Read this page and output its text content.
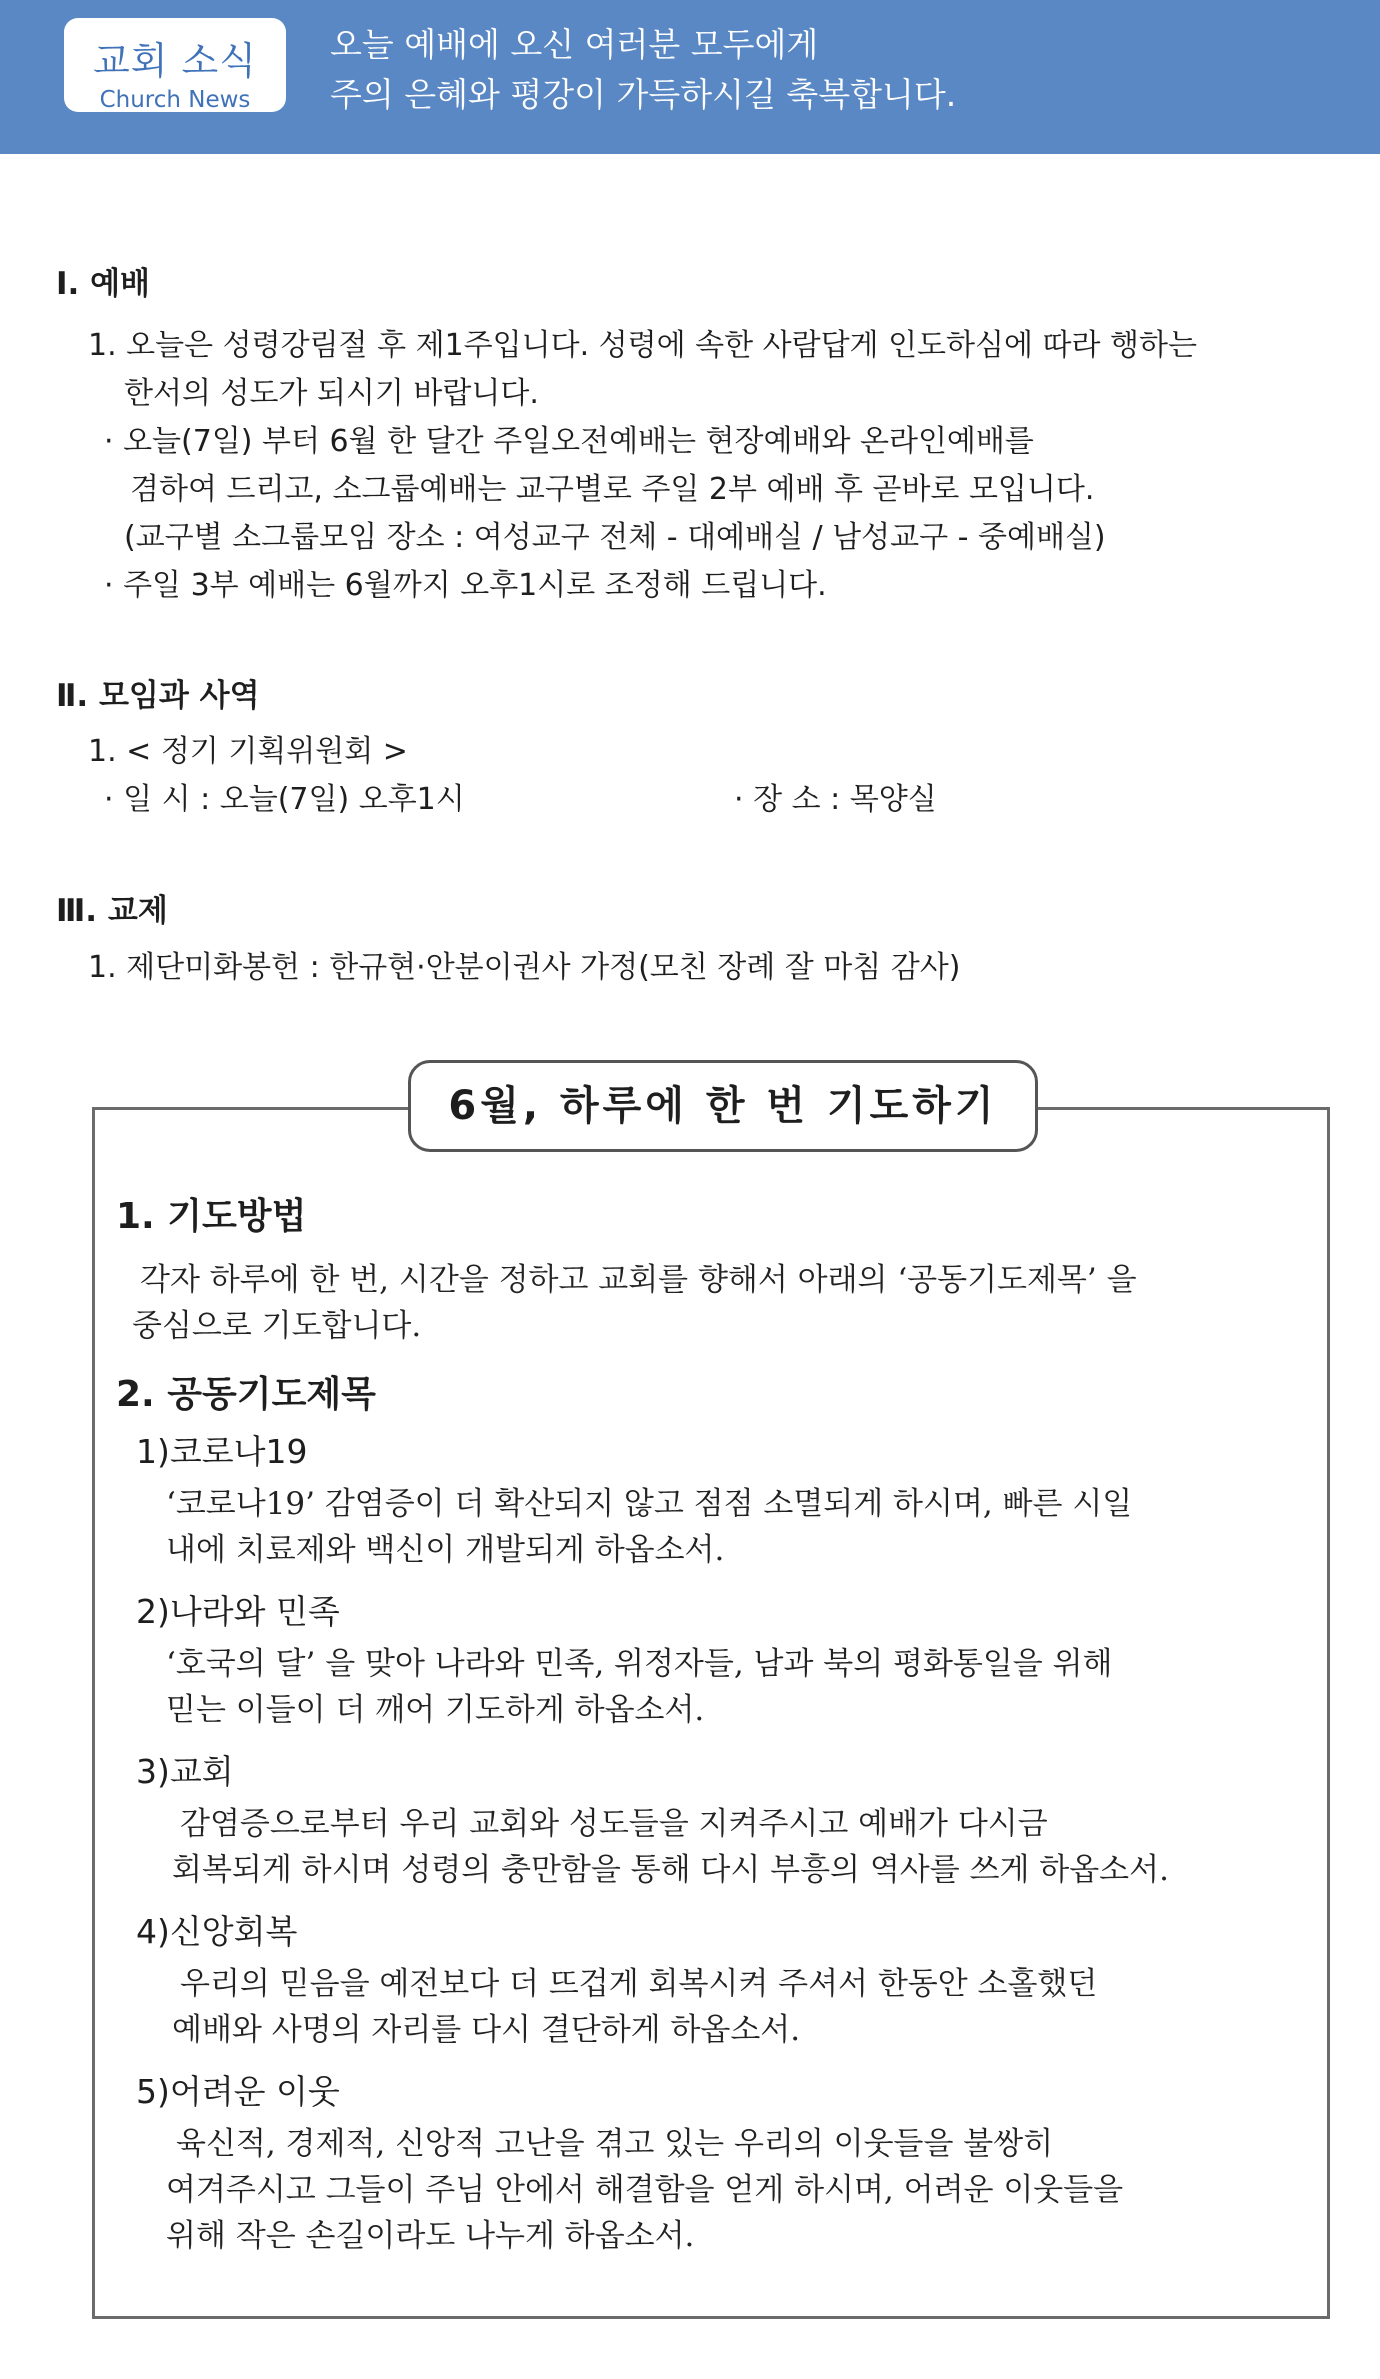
교회 소식
Church News
오늘 예배에 오신 여러분 모두에게
주의 은혜와 평강이 가득하시길 축복합니다.
Ⅰ. 예배
1. 오늘은 성령강림절 후 제1주입니다. 성령에 속한 사람답게 인도하심에 따라 행하는
한서의 성도가 되시기 바랍니다.
· 오늘(7일) 부터 6월 한 달간 주일오전예배는 현장예배와 온라인예배를
겸하여 드리고, 소그룹예배는 교구별로 주일 2부 예배 후 곧바로 모입니다.
(교구별 소그룹모임 장소 : 여성교구 전체 - 대예배실 / 남성교구 - 중예배실)
· 주일 3부 예배는 6월까지 오후1시로 조정해 드립니다.
Ⅱ. 모임과 사역
1. < 정기 기획위원회 >
· 일 시 : 오늘(7일) 오후1시	· 장 소 : 목양실
Ⅲ. 교제
1. 제단미화봉헌 : 한규현·안분이권사 가정(모친 장례 잘 마침 감사)
6월, 하루에 한 번 기도하기
1. 기도방법
각자 하루에 한 번, 시간을 정하고 교회를 향해서 아래의 ‘공동기도제목’ 을
중심으로 기도합니다.
2. 공동기도제목
1)코로나19
‘코로나19’ 감염증이 더 확산되지 않고 점점 소멸되게 하시며, 빠른 시일
내에 치료제와 백신이 개발되게 하옵소서.
2)나라와 민족
‘호국의 달’ 을 맞아 나라와 민족, 위정자들, 남과 북의 평화통일을 위해
믿는 이들이 더 깨어 기도하게 하옵소서.
3)교회
감염증으로부터 우리 교회와 성도들을 지켜주시고 예배가 다시금
회복되게 하시며 성령의 충만함을 통해 다시 부흥의 역사를 쓰게 하옵소서.
4)신앙회복
우리의 믿음을 예전보다 더 뜨겁게 회복시켜 주셔서 한동안 소홀했던
예배와 사명의 자리를 다시 결단하게 하옵소서.
5)어려운 이웃
육신적, 경제적, 신앙적 고난을 겪고 있는 우리의 이웃들을 불쌍히
여겨주시고 그들이 주님 안에서 해결함을 얻게 하시며, 어려운 이웃들을
위해 작은 손길이라도 나누게 하옵소서.
